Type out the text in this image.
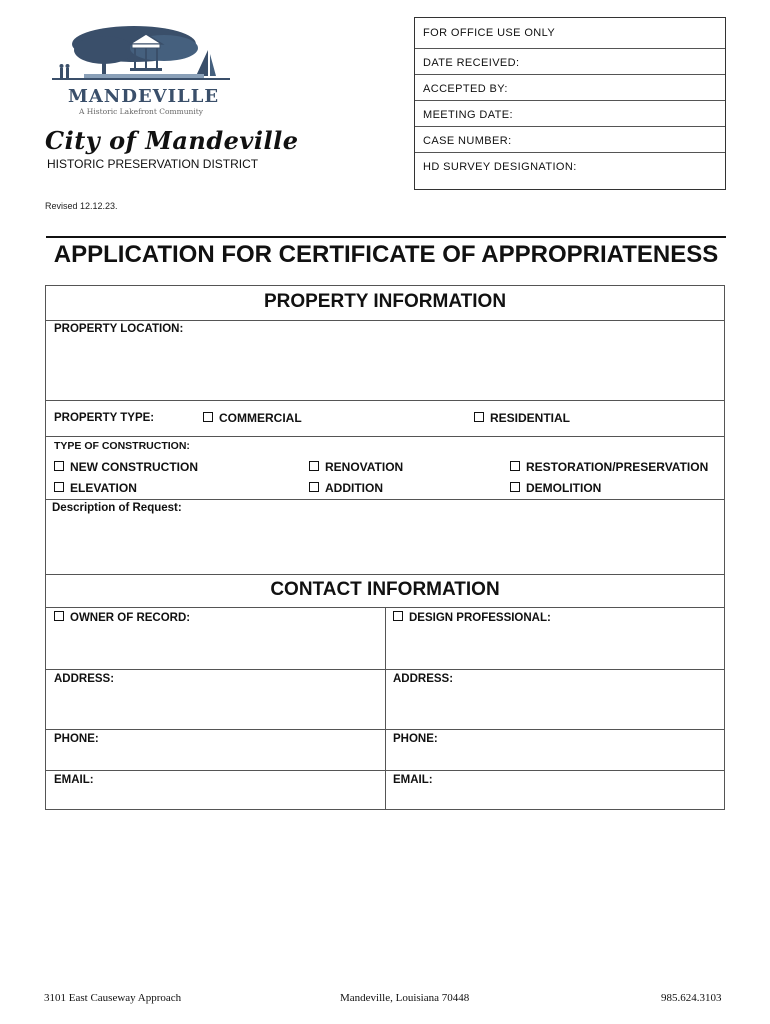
MANDEVILLE
A Historic Lakefront Community
City of Mandeville
HISTORIC PRESERVATION DISTRICT
Revised 12.12.23.
FOR OFFICE USE ONLY
DATE RECEIVED:
ACCEPTED BY:
MEETING DATE:
CASE NUMBER:
HD SURVEY DESIGNATION:
APPLICATION FOR CERTIFICATE OF APPROPRIATENESS
PROPERTY INFORMATION
PROPERTY LOCATION:
PROPERTY TYPE:	COMMERCIAL	RESIDENTIAL
TYPE OF CONSTRUCTION:
NEW CONSTRUCTION	RENOVATION	RESTORATION/PRESERVATION
ELEVATION	ADDITION	DEMOLITION
Description of Request:
CONTACT INFORMATION
OWNER OF RECORD:	DESIGN PROFESSIONAL:
ADDRESS:	ADDRESS:
PHONE:	PHONE:
EMAIL:	EMAIL:
3101 East Causeway Approach	Mandeville, Louisiana 70448	985.624.3103
